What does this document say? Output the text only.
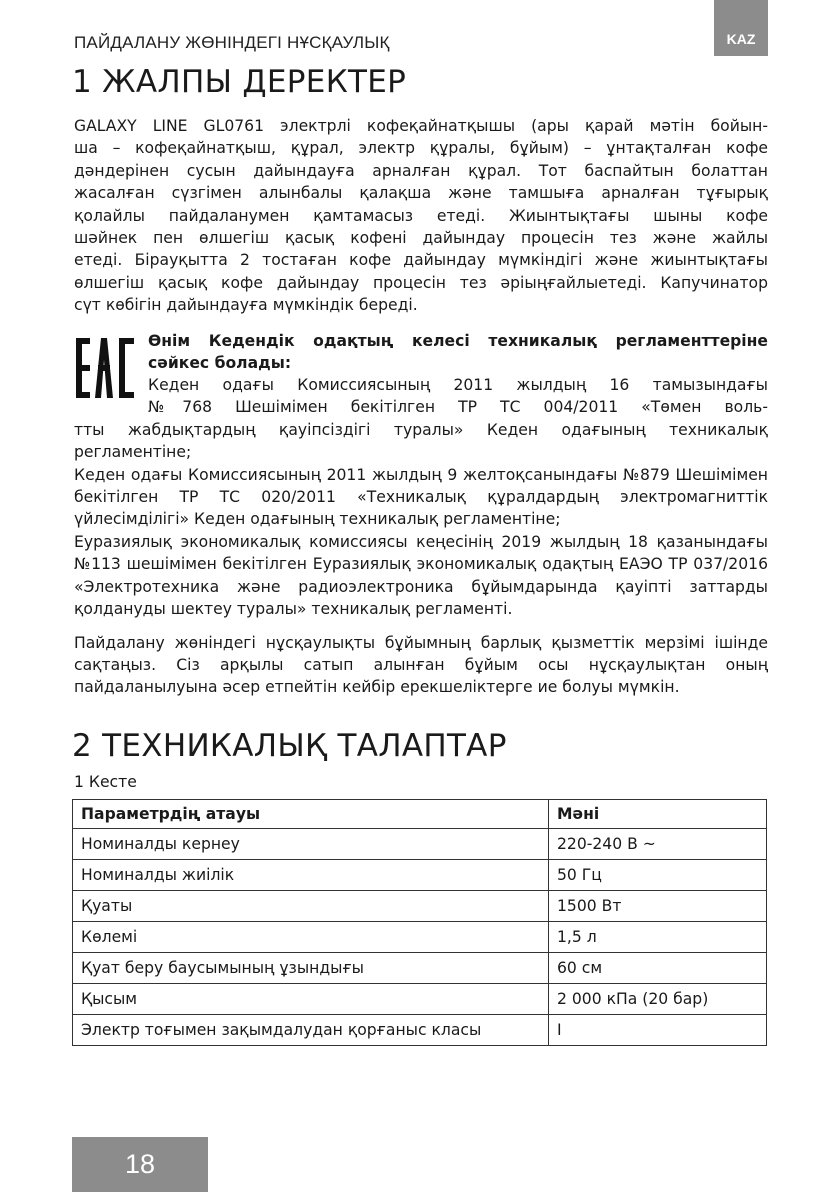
ПАЙДАЛАНУ ЖӨНІНДЕГІ НҰСҚАУЛЫҚ	KAZ
1 ЖАЛПЫ ДЕРЕКТЕР

GALAXY LINE GL0761 электрлі кофеқайнатқышы (ары қарай мәтін бойын-

ша – кофеқайнатқыш, құрал, электр құралы, бұйым) – ұнтақталған кофе

дәндерінен сусын дайындауға арналған құрал. Тот баспайтын болаттан

жасалған сүзгімен алынбалы қалақша және тамшыға арналған тұғырық

қолайлы пайдаланумен қамтамасыз етеді. Жиынтықтағы шыны кофе

шәйнек пен өлшегіш қасық кофені дайындау процесін тез және жайлы

етеді. Бірауқытта 2 тостаған кофе дайындау мүмкіндігі және жиынтықтағы

өлшегіш қасық кофе дайындау процесін тез әріыңғайлыетеді. Капучинатор

сүт көбігін дайындауға мүмкіндік береді.

Өнім Кедендік одақтың келесі техникалық регламенттеріне сәйкес болады:

Кеден одағы Комиссиясының 2011 жылдың 16 тамызындағы

№768 Шешімімен бекітілген ТР ТС 004/2011 «Төмен воль-

тты жабдықтардың қауіпсіздігі туралы» Кеден одағының техникалық регламентіне;

Кеден одағы Комиссиясының 2011 жылдың 9 желтоқсанындағы №879 Шешімімен бекітілген ТР ТС 020/2011 «Техникалық құралдардың электромагниттік үйлесімділігі» Кеден одағының техникалық регламентіне;

Еуразиялық экономикалық комиссиясы кеңесінің 2019 жылдың 18 қазанындағы №113 шешімімен бекітілген Еуразиялық экономикалық одақтың ЕАЭО ТР 037/2016 «Электротехника және радиоэлектроника бұйымдарында қауіпті заттарды қолдануды шектеу туралы» техникалық регламенті.

Пайдалану жөніндегі нұсқаулықты бұйымның барлық қызметтік мерзімі ішінде сақтаңыз. Сіз арқылы сатып алынған бұйым осы нұсқаулықтан оның пайдаланылуына әсер етпейтін кейбір ерекшеліктерге ие болуы мүмкін.

2 ТЕХНИКАЛЫҚ ТАЛАПТАР
1 Кесте
Параметрдің атауы	Мәні
Номиналды кернеу	220-240 В ~
Номиналды жиілік	50 Гц
Қуаты	1500 Вт
Көлемі	1,5 л
Қуат беру баусымының ұзындығы	60 см
Қысым	2 000 кПа (20 бар)
Электр тоғымен зақымдалудан қорғаныс класы	I
18
